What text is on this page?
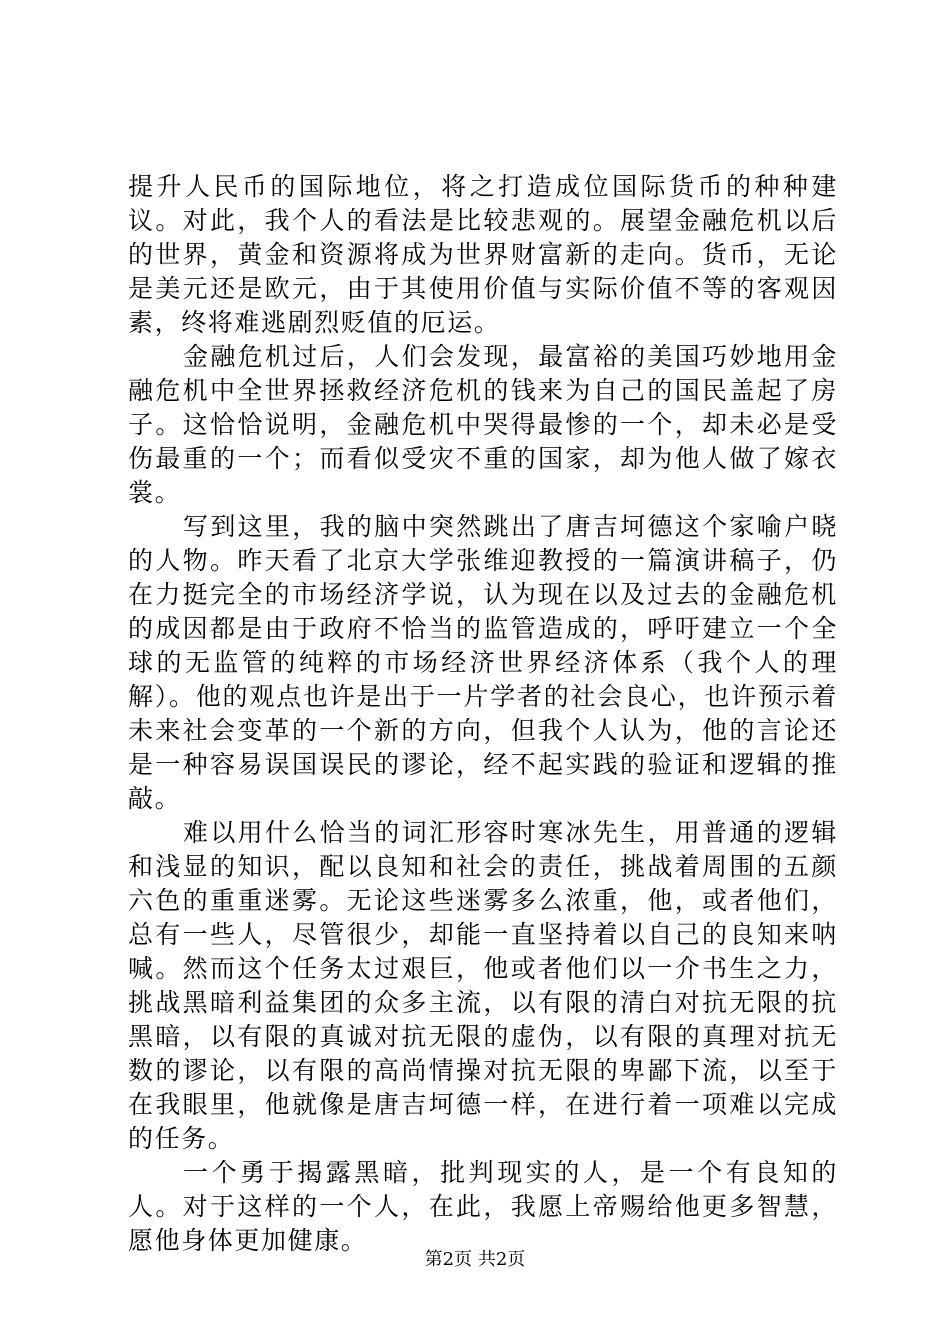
提升人民币的国际地位，将之打造成位国际货币的种种建议。对此，我个人的看法是比较悲观的。展望金融危机以后的世界，黄金和资源将成为世界财富新的走向。货币，无论是美元还是欧元，由于其使用价值与实际价值不等的客观因素，终将难逃剧烈贬值的厄运。

金融危机过后，人们会发现，最富裕的美国巧妙地用金融危机中全世界拯救经济危机的钱来为自己的国民盖起了房子。这恰恰说明，金融危机中哭得最惨的一个，却未必是受伤最重的一个；而看似受灾不重的国家，却为他人做了嫁衣裳。

写到这里，我的脑中突然跳出了唐吉坷德这个家喻户晓的人物。昨天看了北京大学张维迎教授的一篇演讲稿子，仍在力挺完全的市场经济学说，认为现在以及过去的金融危机的成因都是由于政府不恰当的监管造成的，呼吁建立一个全球的无监管的纯粹的市场经济世界经济体系（我个人的理解）。他的观点也许是出于一片学者的社会良心，也许预示着未来社会变革的一个新的方向，但我个人认为，他的言论还是一种容易误国误民的谬论，经不起实践的验证和逻辑的推敲。

难以用什么恰当的词汇形容时寒冰先生，用普通的逻辑和浅显的知识，配以良知和社会的责任，挑战着周围的五颜六色的重重迷雾。无论这些迷雾多么浓重，他，或者他们，总有一些人，尽管很少，却能一直坚持着以自己的良知来呐喊。然而这个任务太过艰巨，他或者他们以一介书生之力，挑战黑暗利益集团的众多主流，以有限的清白对抗无限的抗黑暗，以有限的真诚对抗无限的虚伪，以有限的真理对抗无数的谬论，以有限的高尚情操对抗无限的卑鄙下流，以至于在我眼里，他就像是唐吉坷德一样，在进行着一项难以完成的任务。

一个勇于揭露黑暗，批判现实的人，是一个有良知的人。对于这样的一个人，在此，我愿上帝赐给他更多智慧，愿他身体更加健康。

第2页 共2页
